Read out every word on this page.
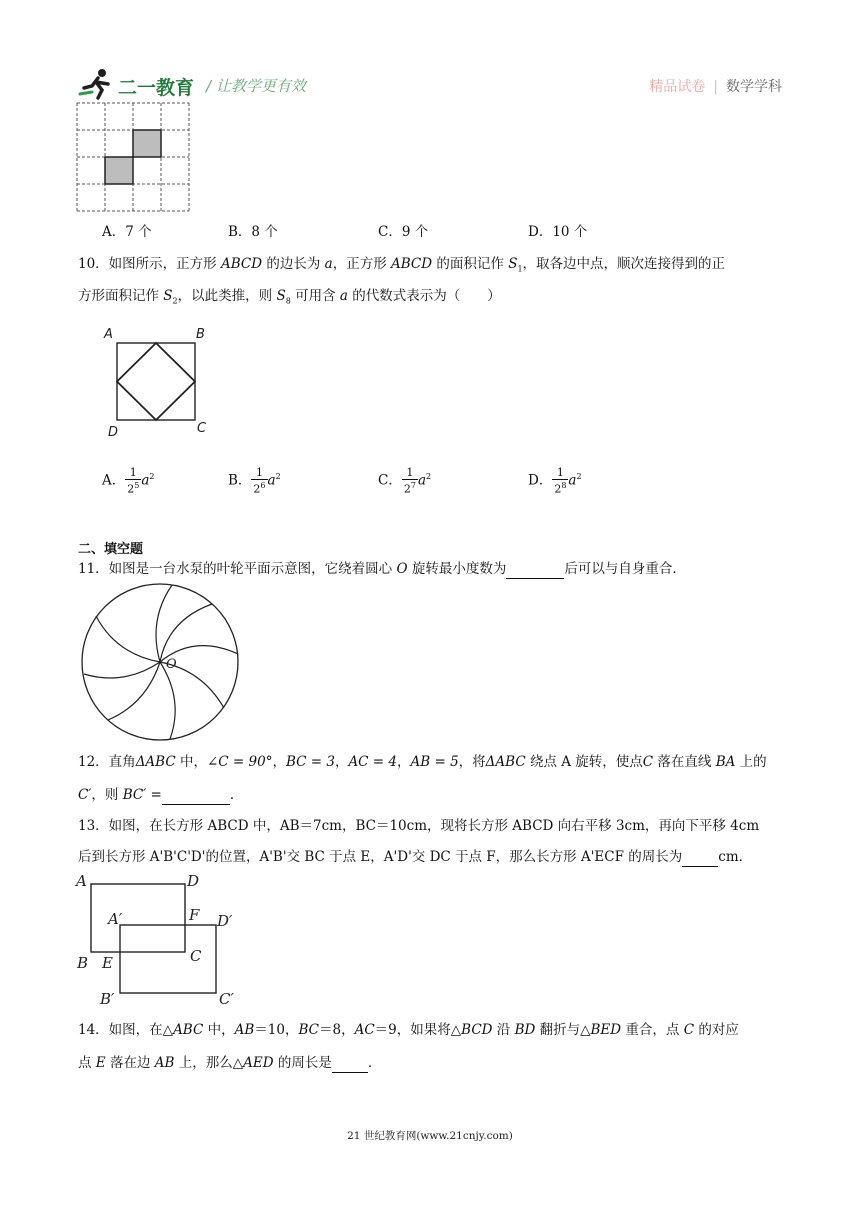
二一教育 / 让教学更有效	精品试卷 | 数学学科
A．7 个	B．8 个	C．9 个	D．10 个
10．如图所示，正方形 ABCD 的边长为 a，正方形 ABCD 的面积记作 $S_1$，取各边中点，顺次连接得到的正
方形面积记作 $S_2$，以此类推，则 $S_8$ 可用含 a 的代数式表示为（　　）
A	B
C
D
A． $\frac{1}{2^5} a^2$	B． $\frac{1}{2^6} a^2$	C． $\frac{1}{2^7} a^2$	D． $\frac{1}{2^8} a^2$
二、填空题
11．如图是一台水泵的叶轮平面示意图，它绕着圆心 O 旋转最小度数为	后可以与自身重合．
O
12．直角ΔABC 中，∠C = 90°，BC = 3，AC = 4，AB = 5，将ΔABC 绕点 A 旋转，使点C 落在直线 BA 上的
C′，则 BC′ =	．
13．如图，在长方形 ABCD 中，AB＝7cm，BC＝10cm，现将长方形 ABCD 向右平移 3cm，再向下平移 4cm
后到长方形 A'B'C'D'的位置，A'B'交 BC 于点 E，A'D'交 DC 于点 F，那么长方形 A'ECF 的周长为	cm．
A	D
A′	F D′
B E	C
B′	C′
14．如图，在△ABC 中，AB＝10，BC＝8，AC＝9，如果将△BCD 沿 BD 翻折与△BED 重合，点 C 的对应
点 E 落在边 AB 上，那么△AED 的周长是	．
21 世纪教育网(www.21cnjy.com)
